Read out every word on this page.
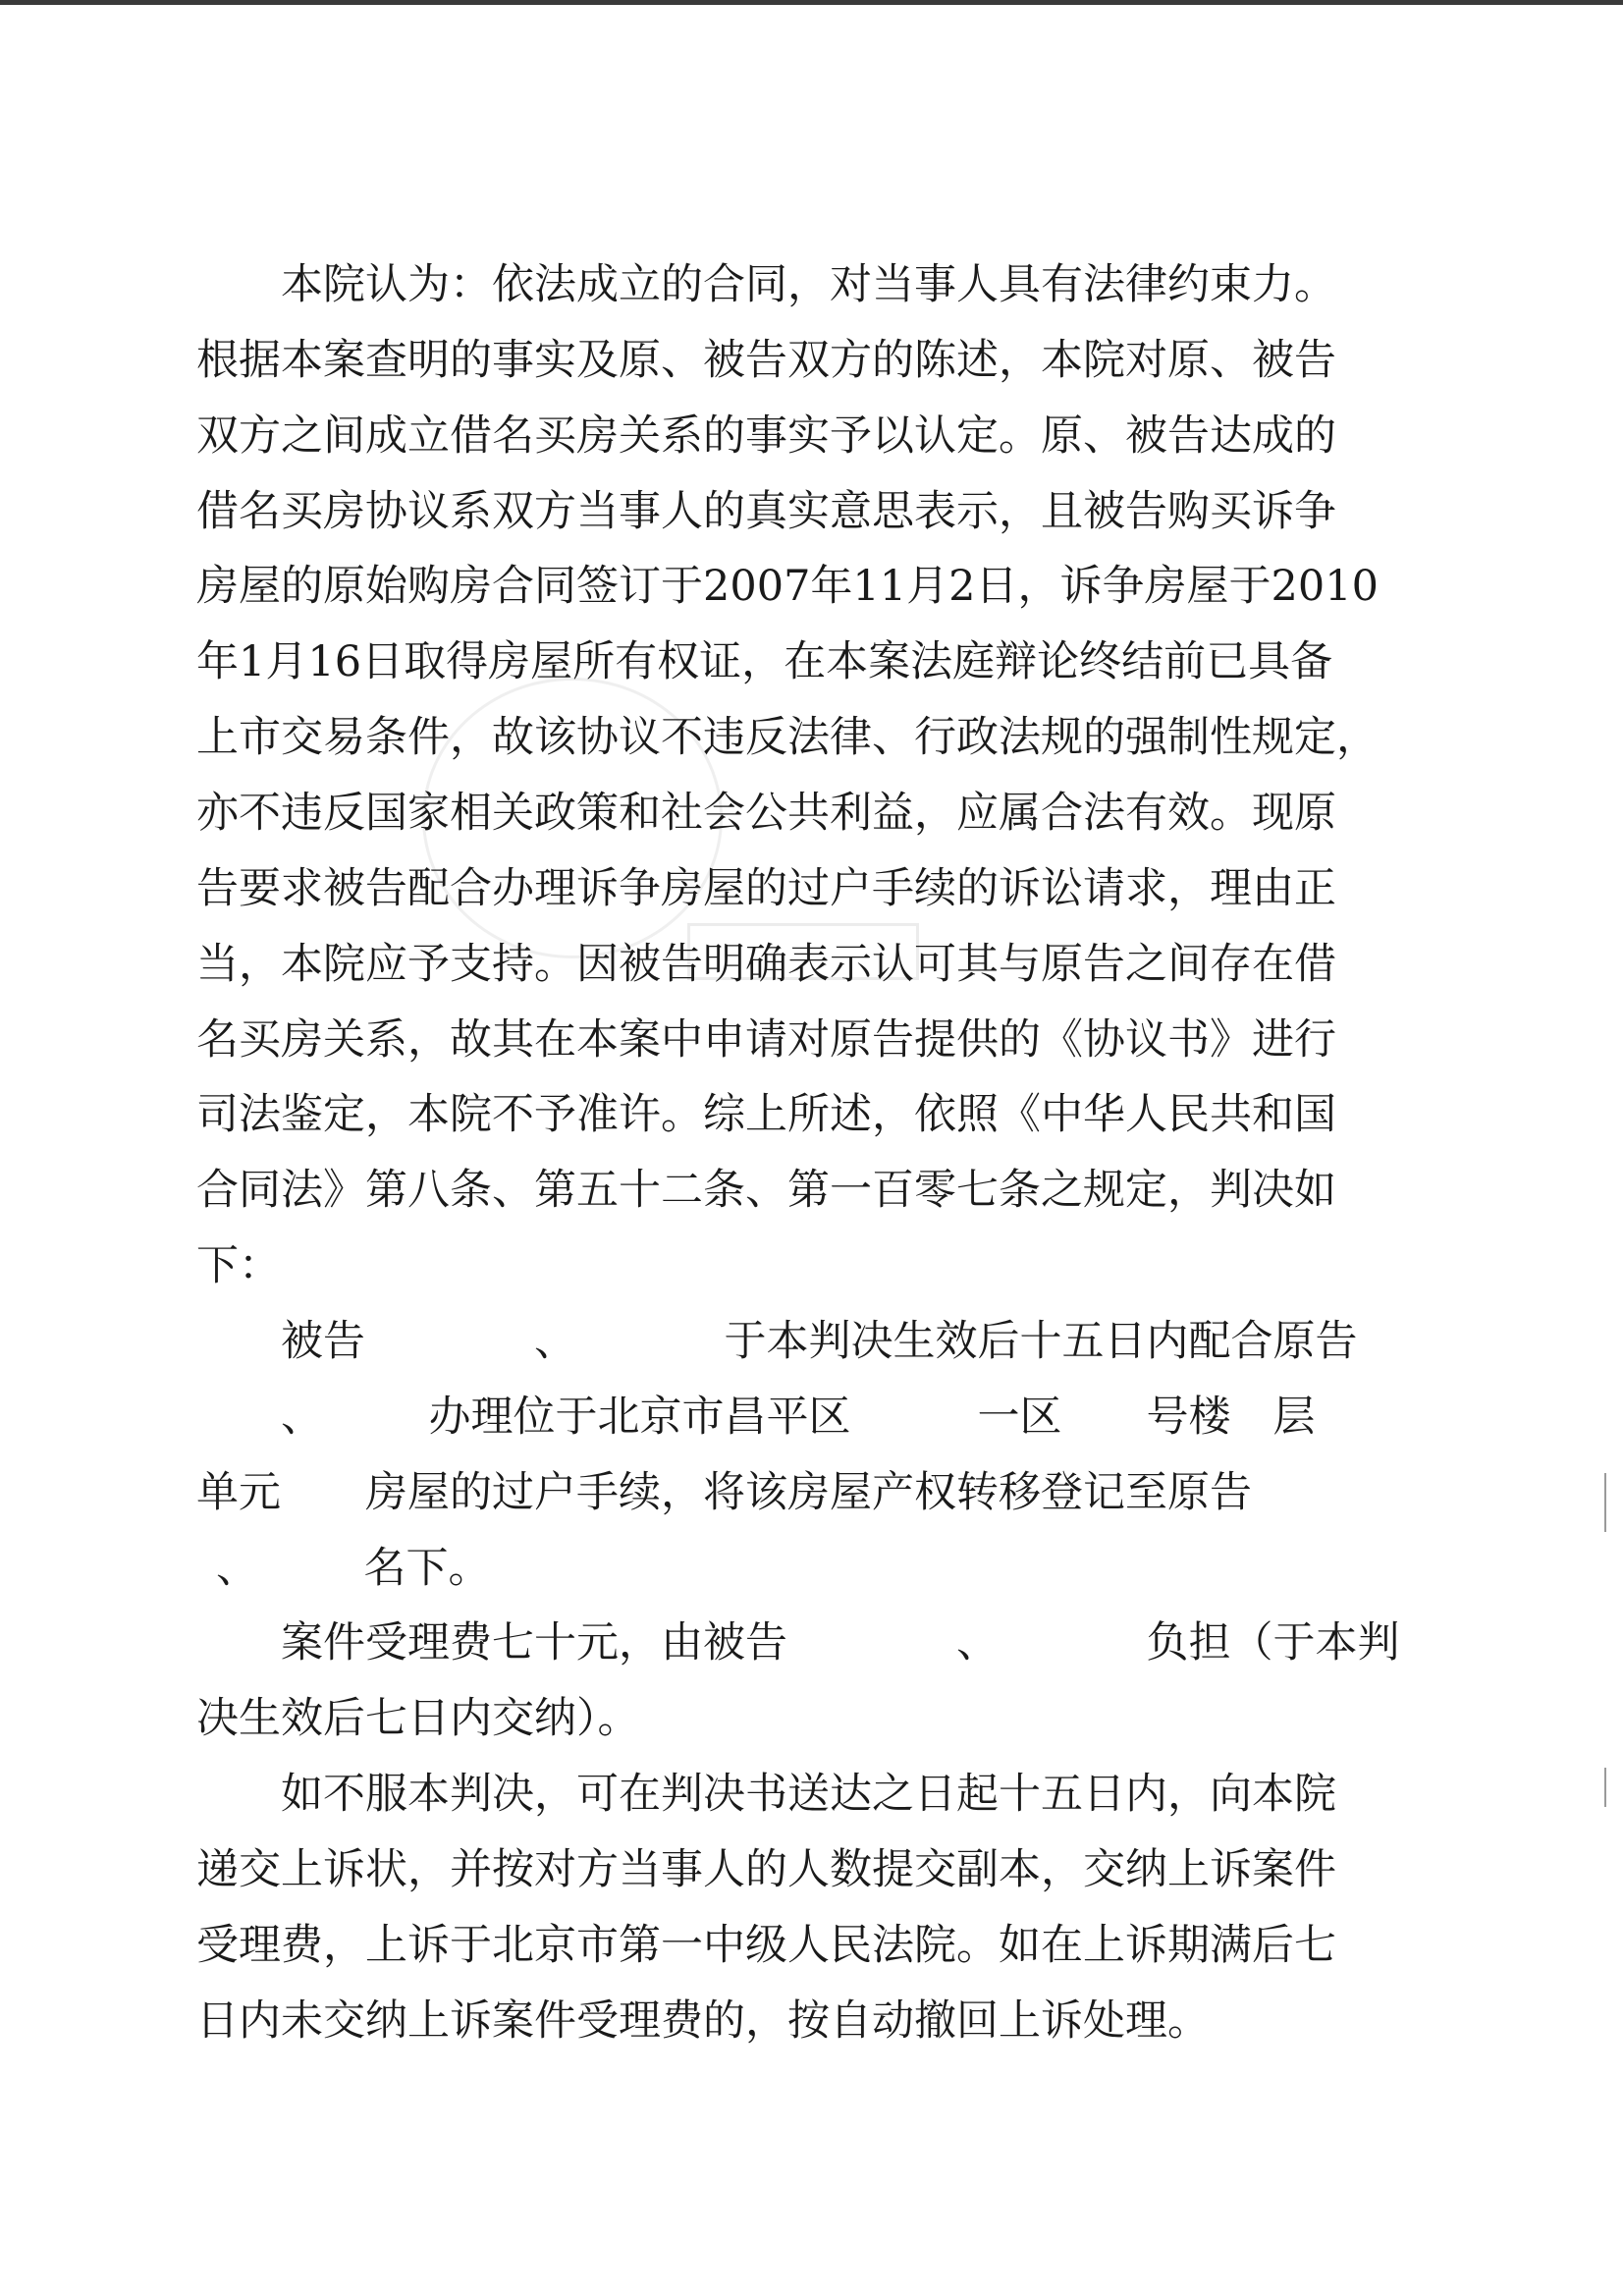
本院认为：依法成立的合同，对当事人具有法律约束力。

根据本案查明的事实及原、被告双方的陈述，本院对原、被告

双方之间成立借名买房关系的事实予以认定。原、被告达成的

借名买房协议系双方当事人的真实意思表示，且被告购买诉争

房屋的原始购房合同签订于2007年11月2日，诉争房屋于2010

年1月16日取得房屋所有权证，在本案法庭辩论终结前已具备

上市交易条件，故该协议不违反法律、行政法规的强制性规定，

亦不违反国家相关政策和社会公共利益，应属合法有效。现原

告要求被告配合办理诉争房屋的过户手续的诉讼请求，理由正

当，本院应予支持。因被告明确表示认可其与原告之间存在借

名买房关系，故其在本案中申请对原告提供的《协议书》进行

司法鉴定，本院不予准许。综上所述，依照《中华人民共和国

合同法》第八条、第五十二条、第一百零七条之规定，判决如

下：

被告　　　　、　　　　于本判决生效后十五日内配合原告

、　　　办理位于北京市昌平区　　　一区　　号楼　层

单元　　房屋的过户手续，将该房屋产权转移登记至原告

、　　　名下。

案件受理费七十元，由被告　　　　、　　　　负担（于本判

决生效后七日内交纳）。

如不服本判决，可在判决书送达之日起十五日内，向本院

递交上诉状，并按对方当事人的人数提交副本，交纳上诉案件

受理费，上诉于北京市第一中级人民法院。如在上诉期满后七

日内未交纳上诉案件受理费的，按自动撤回上诉处理。
